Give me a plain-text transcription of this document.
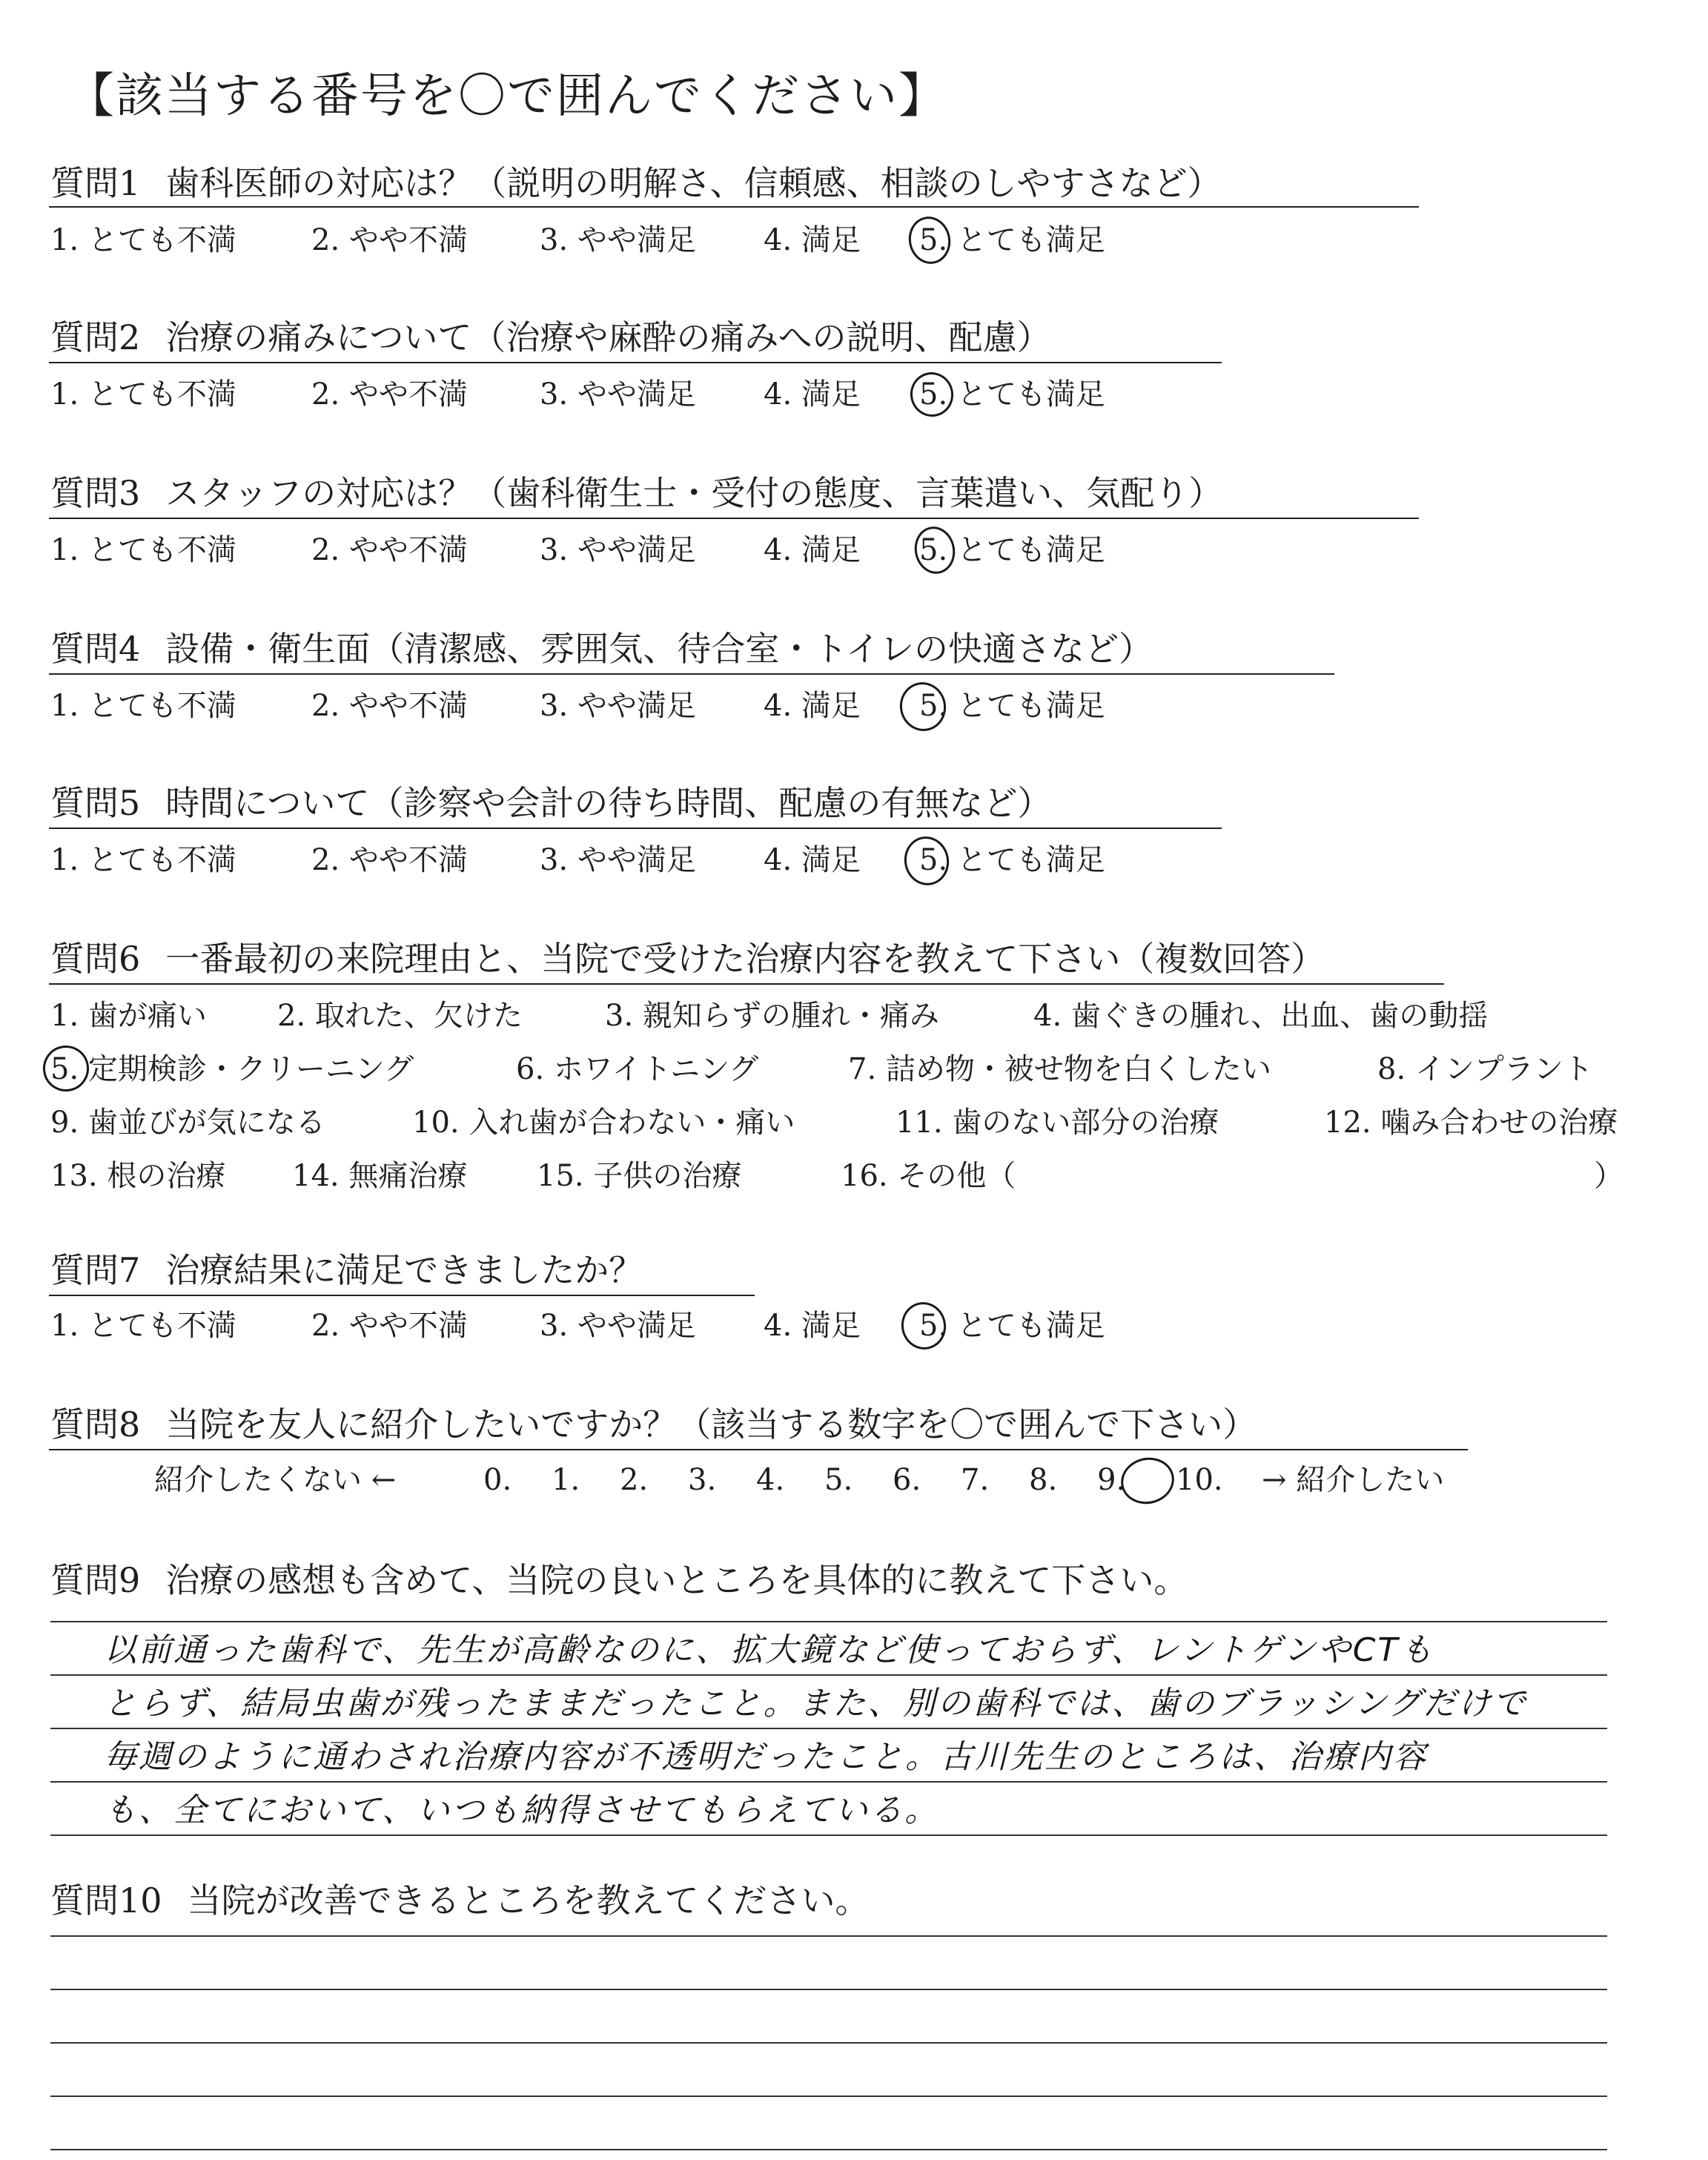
【該当する番号を〇で囲んでください】
質問1 歯科医師の対応は？（説明の明解さ、信頼感、相談のしやすさなど）
1. とても不満	2. やや不満 3. やや満足 4. 満足 5. とても満足
質問2 治療の痛みについて（治療や麻酔の痛みへの説明、配慮）
1. とても不満	2. やや不満 3. やや満足 4. 満足 5. とても満足
質問3 スタッフの対応は？（歯科衛生士・受付の態度、言葉遣い、気配り）
1. とても不満	2. やや不満 3. やや満足 4. 満足 5. とても満足
質問4 設備・衛生面（清潔感、雰囲気、待合室・トイレの快適さなど）
1. とても不満	2. やや不満 3. やや満足 4. 満足 5. とても満足
質問5 時間について（診察や会計の待ち時間、配慮の有無など）
1. とても不満	2. やや不満 3. やや満足 4. 満足 5. とても満足
質問6 一番最初の来院理由と、当院で受けた治療内容を教えて下さい（複数回答）
1. 歯が痛い 2. 取れた、欠けた	3. 親知らずの腫れ・痛み	4. 歯ぐきの腫れ、出血、歯の動揺
5. 定期検診・クリーニング	6. ホワイトニング	7. 詰め物・被せ物を白くしたい	8. インプラント
9. 歯並びが気になる	10. 入れ歯が合わない・痛い	11. 歯のない部分の治療	12. 噛み合わせの治療
13. 根の治療 14. 無痛治療 15. 子供の治療	16. その他（	）
質問7 治療結果に満足できましたか？
1. とても不満	2. やや不満 3. やや満足 4. 満足 5. とても満足
質問8 当院を友人に紹介したいですか？（該当する数字を〇で囲んで下さい）
紹介したくない ←	0. 1. 2. 3. 4. 5. 6. 7. 8. 9. 10. → 紹介したい
質問9 治療の感想も含めて、当院の良いところを具体的に教えて下さい。
以前通った歯科で、先生が高齢なのに、拡大鏡など使っておらず、レントゲンやCTも
とらず、結局虫歯が残ったままだったこと。また、別の歯科では、歯のブラッシングだけで
毎週のように通わされ治療内容が不透明だったこと。古川先生のところは、治療内容
も、全てにおいて、いつも納得させてもらえている。
質問10 当院が改善できるところを教えてください。
